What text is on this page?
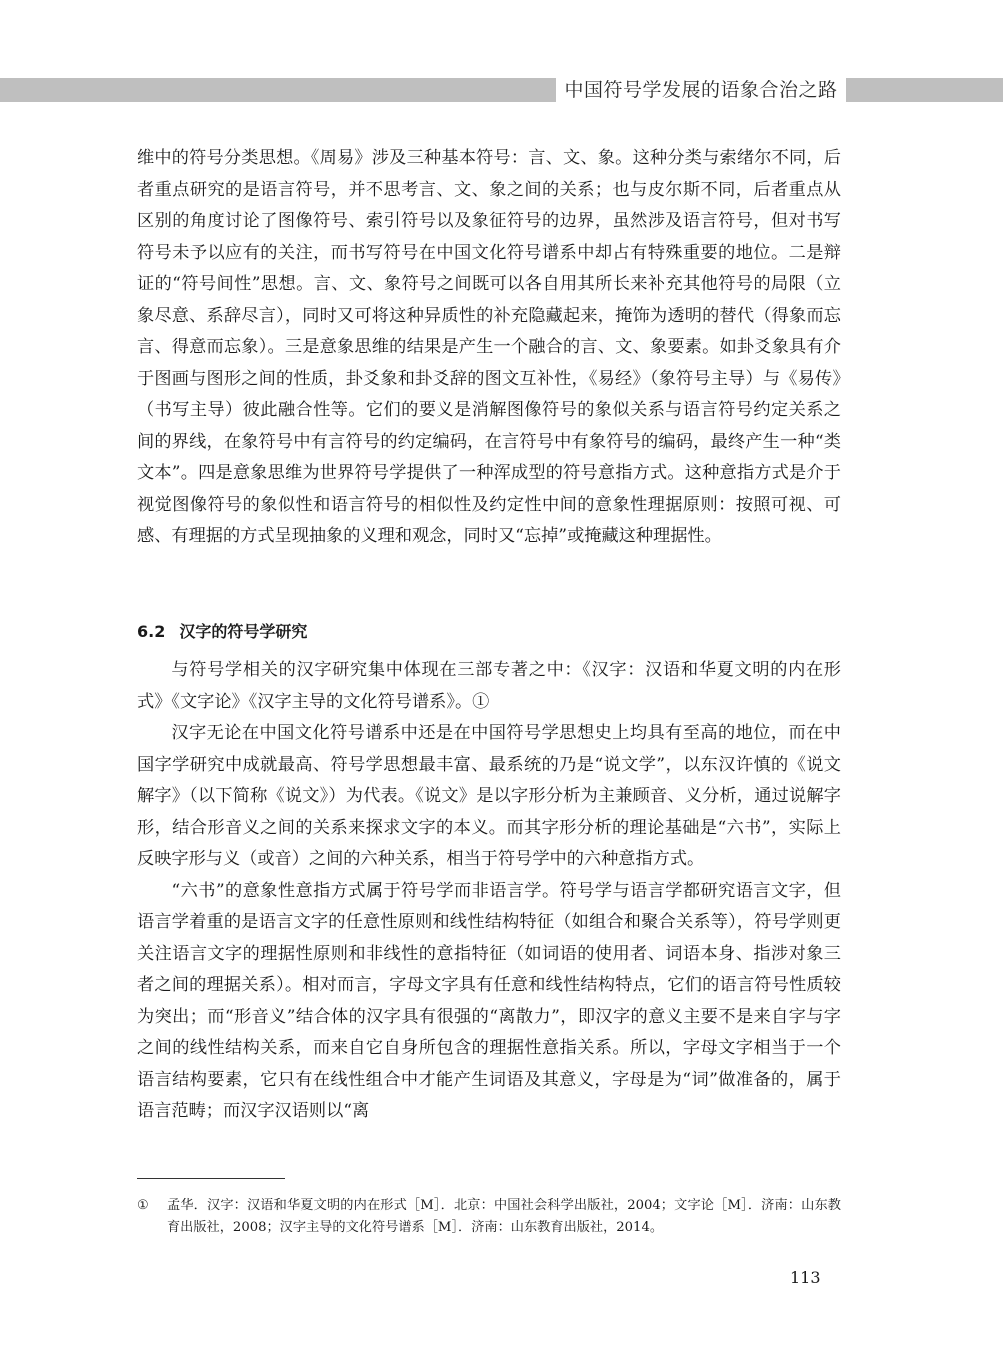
中国符号学发展的语象合治之路

维中的符号分类思想。《周易》涉及三种基本符号：言、文、象。这种分类与索绪尔不同，后者重点研究的是语言符号，并不思考言、文、象之间的关系；也与皮尔斯不同，后者重点从区别的角度讨论了图像符号、索引符号以及象征符号的边界，虽然涉及语言符号，但对书写符号未予以应有的关注，而书写符号在中国文化符号谱系中却占有特殊重要的地位。二是辩证的“符号间性”思想。言、文、象符号之间既可以各自用其所长来补充其他符号的局限（立象尽意、系辞尽言），同时又可将这种异质性的补充隐藏起来，掩饰为透明的替代（得象而忘言、得意而忘象）。三是意象思维的结果是产生一个融合的言、文、象要素。如卦爻象具有介于图画与图形之间的性质，卦爻象和卦爻辞的图文互补性，《易经》（象符号主导）与《易传》（书写主导）彼此融合性等。它们的要义是消解图像符号的象似关系与语言符号约定关系之间的界线，在象符号中有言符号的约定编码，在言符号中有象符号的编码，最终产生一种“类文本”。四是意象思维为世界符号学提供了一种浑成型的符号意指方式。这种意指方式是介于视觉图像符号的象似性和语言符号的相似性及约定性中间的意象性理据原则：按照可视、可感、有理据的方式呈现抽象的义理和观念，同时又“忘掉”或掩藏这种理据性。

6.2 汉字的符号学研究

与符号学相关的汉字研究集中体现在三部专著之中：《汉字：汉语和华夏文明的内在形式》《文字论》《汉字主导的文化符号谱系》。①

汉字无论在中国文化符号谱系中还是在中国符号学思想史上均具有至高的地位，而在中国字学研究中成就最高、符号学思想最丰富、最系统的乃是“说文学”，以东汉许慎的《说文解字》（以下简称《说文》）为代表。《说文》是以字形分析为主兼顾音、义分析，通过说解字形，结合形音义之间的关系来探求文字的本义。而其字形分析的理论基础是“六书”，实际上反映字形与义（或音）之间的六种关系，相当于符号学中的六种意指方式。

“六书”的意象性意指方式属于符号学而非语言学。符号学与语言学都研究语言文字，但语言学着重的是语言文字的任意性原则和线性结构特征（如组合和聚合关系等），符号学则更关注语言文字的理据性原则和非线性的意指特征（如词语的使用者、词语本身、指涉对象三者之间的理据关系）。相对而言，字母文字具有任意和线性结构特点，它们的语言符号性质较为突出；而“形音义”结合体的汉字具有很强的“离散力”，即汉字的意义主要不是来自字与字之间的线性结构关系，而来自它自身所包含的理据性意指关系。所以，字母文字相当于一个语言结构要素，它只有在线性组合中才能产生词语及其意义，字母是为“词”做准备的，属于语言范畴；而汉字汉语则以“离

①	孟华．汉字：汉语和华夏文明的内在形式［M］．北京：中国社会科学出版社，2004；文字论［M］．济南：山东教育出版社，2008；汉字主导的文化符号谱系［M］．济南：山东教育出版社，2014。
113
